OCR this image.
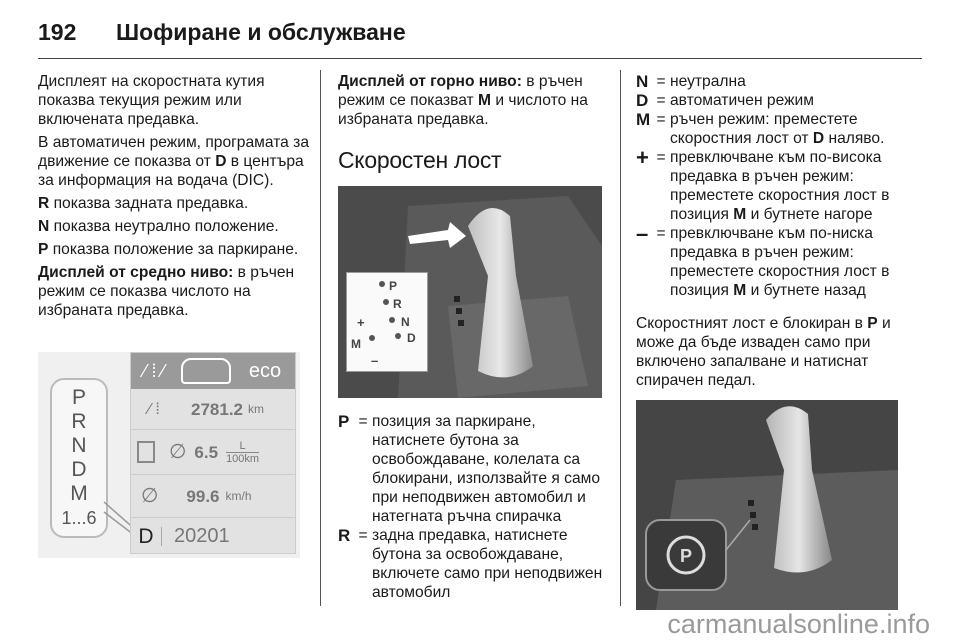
192	Шофиране и обслужване

Дисплеят на скоростната кутия показва текущия режим или включената предавка.

В автоматичен режим, програмата за движение се показва от D в центъра за информация на водача (DIC).

R показва задната предавка.

N показва неутрално положение.

P показва положение за паркиране.

Дисплей от средно ниво: в ръчен режим се показва числото на избраната предавка.

P
R
N
D
M
1...6
⁄ ⁞ ⁄	eco
⁄ ⁞	2781.2 km
∅ 6.5	L
100km
∅ 99.6 km/h
D	20201

Дисплей от горно ниво: в ръчен режим се показват M и числото на избраната предавка.

Скоростен лост
P
R
N
D
M
+
–
P = позиция за паркиране, натиснете бутона за освобождаване, колелата са блокирани, използвайте я само при неподвижен автомобил и натегната ръчна спирачка
R = задна предавка, натиснете бутона за освобождаване, включете само при неподвижен автомобил
N = неутрална
D = автоматичен режим
M = ръчен режим: преместете скоростния лост от D наляво.
+ = превключване към по-висока предавка в ръчен режим: преместете скоростния лост в позиция M и бутнете нагоре
– = превключване към по-ниска предавка в ръчен режим: преместете скоростния лост в позиция M и бутнете назад

Скоростният лост е блокиран в P и може да бъде изваден само при включено запалване и натиснат спирачен педал.

P
carmanualsonline.info
